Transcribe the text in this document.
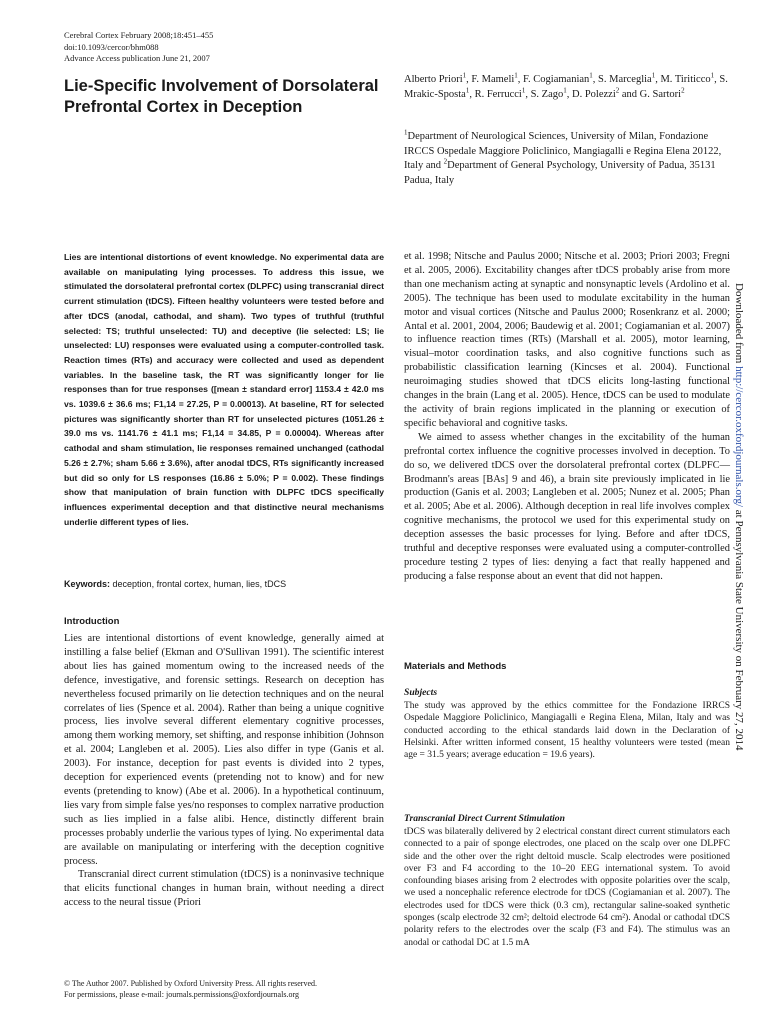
Cerebral Cortex February 2008;18:451–455
doi:10.1093/cercor/bhm088
Advance Access publication June 21, 2007
Lie-Specific Involvement of Dorsolateral Prefrontal Cortex in Deception
Alberto Priori$^1$, F. Mameli$^1$, F. Cogiamanian$^1$, S. Marceglia$^1$, M. Tiriticco$^1$, S. Mrakic-Sposta$^1$, R. Ferrucci$^1$, S. Zago$^1$, D. Polezzi$^2$ and G. Sartori$^2$
$^1$Department of Neurological Sciences, University of Milan, Fondazione IRCCS Ospedale Maggiore Policlinico, Mangiagalli e Regina Elena 20122, Italy and $^2$Department of General Psychology, University of Padua, 35131 Padua, Italy

Lies are intentional distortions of event knowledge. No experimental data are available on manipulating lying processes. To address this issue, we stimulated the dorsolateral prefrontal cortex (DLPFC) using transcranial direct current stimulation (tDCS). Fifteen healthy volunteers were tested before and after tDCS (anodal, cathodal, and sham). Two types of truthful (truthful selected: TS; truthful unselected: TU) and deceptive (lie selected: LS; lie unselected: LU) responses were evaluated using a computer-controlled task. Reaction times (RTs) and accuracy were collected and used as dependent variables. In the baseline task, the RT was significantly longer for lie responses than for true responses ([mean ± standard error] 1153.4 ± 42.0 ms vs. 1039.6 ± 36.6 ms; F1,14 = 27.25, P = 0.00013). At baseline, RT for selected pictures was significantly shorter than RT for unselected pictures (1051.26 ± 39.0 ms vs. 1141.76 ± 41.1 ms; F1,14 = 34.85, P = 0.00004). Whereas after cathodal and sham stimulation, lie responses remained unchanged (cathodal 5.26 ± 2.7%; sham 5.66 ± 3.6%), after anodal tDCS, RTs significantly increased but did so only for LS responses (16.86 ± 5.0%; P = 0.002). These findings show that manipulation of brain function with DLPFC tDCS specifically influences experimental deception and that distinctive neural mechanisms underlie different types of lies.

Keywords: deception, frontal cortex, human, lies, tDCS
Introduction

Lies are intentional distortions of event knowledge, generally aimed at instilling a false belief (Ekman and O'Sullivan 1991). The scientific interest about lies has gained momentum owing to the increased needs of the defence, investigative, and forensic settings. Research on deception has nevertheless focused primarily on lie detection techniques and on the neural correlates of lies (Spence et al. 2004). Rather than being a unique cognitive process, lies involve several different elementary cognitive processes, among them working memory, set shifting, and response inhibition (Johnson et al. 2004; Langleben et al. 2005). Lies also differ in type (Ganis et al. 2003). For instance, deception for past events is divided into 2 types, deception for experienced events (pretending not to know) and for new events (pretending to know) (Abe et al. 2006). In a hypothetical continuum, lies vary from simple false yes/no responses to complex narrative production such as lies implied in a false alibi. Hence, distinctly different brain processes probably underlie the various types of lying. No experimental data are available on manipulating or interfering with the deception cognitive process.

Transcranial direct current stimulation (tDCS) is a noninvasive technique that elicits functional changes in human brain, without needing a direct access to the neural tissue (Priori

et al. 1998; Nitsche and Paulus 2000; Nitsche et al. 2003; Priori 2003; Fregni et al. 2005, 2006). Excitability changes after tDCS probably arise from more than one mechanism acting at synaptic and nonsynaptic levels (Ardolino et al. 2005). The technique has been used to modulate excitability in the human motor and visual cortices (Nitsche and Paulus 2000; Rosenkranz et al. 2000; Antal et al. 2001, 2004, 2006; Baudewig et al. 2001; Cogiamanian et al. 2007) to influence reaction times (RTs) (Marshall et al. 2005), motor learning, visual–motor coordination tasks, and also cognitive functions such as probabilistic classification learning (Kincses et al. 2004). Functional neuroimaging studies showed that tDCS elicits long-lasting functional changes in the brain (Lang et al. 2005). Hence, tDCS can be used to modulate the activity of brain regions implicated in the planning or execution of specific behavioral and cognitive tasks.

We aimed to assess whether changes in the excitability of the human prefrontal cortex influence the cognitive processes involved in deception. To do so, we delivered tDCS over the dorsolateral prefrontal cortex (DLPFC—Brodmann's areas [BAs] 9 and 46), a brain site previously implicated in lie production (Ganis et al. 2003; Langleben et al. 2005; Nunez et al. 2005; Phan et al. 2005; Abe et al. 2006). Although deception in real life involves complex cognitive mechanisms, the protocol we used for this experimental study on deception assesses the basic processes for lying. Before and after tDCS, truthful and deceptive responses were evaluated using a computer-controlled procedure testing 2 types of lies: denying a fact that really happened and producing a false response about an event that did not happen.

Materials and Methods
Subjects

The study was approved by the ethics committee for the Fondazione IRRCS Ospedale Maggiore Policlinico, Mangiagalli e Regina Elena, Milan, Italy and was conducted according to the ethical standards laid down in the Declaration of Helsinki. After written informed consent, 15 healthy volunteers were tested (mean age = 31.5 years; average education = 19.6 years).

Transcranial Direct Current Stimulation

tDCS was bilaterally delivered by 2 electrical constant direct current stimulators each connected to a pair of sponge electrodes, one placed on the scalp over one DLPFC side and the other over the right deltoid muscle. Scalp electrodes were positioned over F3 and F4 according to the 10–20 EEG international system. To avoid confounding biases arising from 2 electrodes with opposite polarities over the scalp, we used a noncephalic reference electrode for tDCS (Cogiamanian et al. 2007). The electrodes used for tDCS were thick (0.3 cm), rectangular saline-soaked synthetic sponges (scalp electrode 32 cm²; deltoid electrode 64 cm²). Anodal or cathodal tDCS polarity refers to the electrodes over the scalp (F3 and F4). The stimulus was an anodal or cathodal DC at 1.5 mA

© The Author 2007. Published by Oxford University Press. All rights reserved.
For permissions, please e-mail: journals.permissions@oxfordjournals.org
Downloaded from http://cercor.oxfordjournals.org/ at Pennsylvania State University on February 27, 2014
